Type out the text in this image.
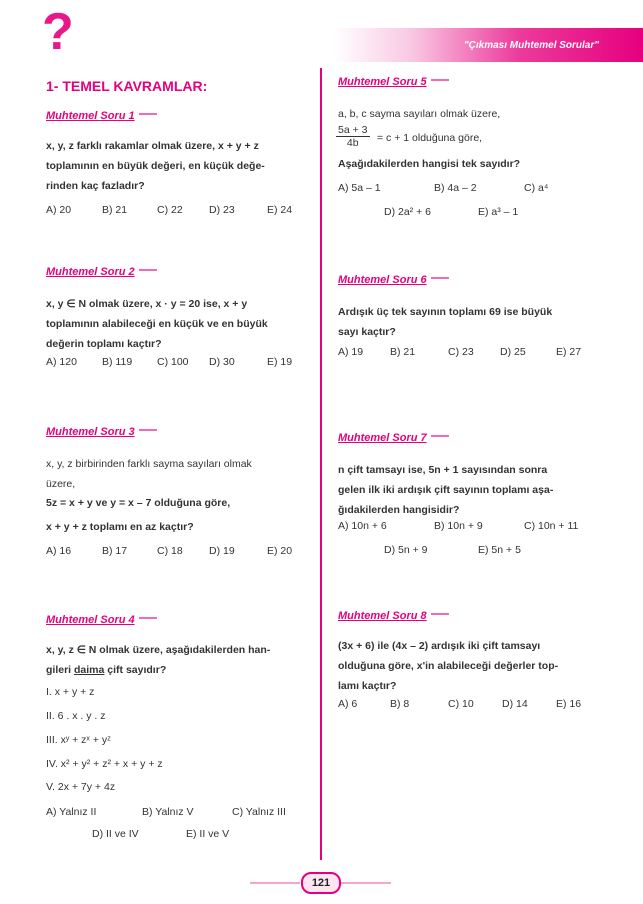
?	"Çıkması Muhtemel Sorular"
1- TEMEL KAVRAMLAR:
Muhtemel Soru 1
x, y, z farklı rakamlar olmak üzere, x + y + z
toplamının en büyük değeri, en küçük değe-
rinden kaç fazladır?
A) 20	B) 21	C) 22	D) 23	E) 24
Muhtemel Soru 2
x, y ∈ N olmak üzere, x · y = 20 ise, x + y
toplamının alabileceği en küçük ve en büyük
değerin toplamı kaçtır?
A) 120 B) 119 C) 100 D) 30	E) 19
Muhtemel Soru 3
x, y, z birbirinden farklı sayma sayıları olmak
üzere,
5z = x + y ve y = x – 7 olduğuna göre,
x + y + z toplamı en az kaçtır?
A) 16	B) 17	C) 18	D) 19	E) 20
Muhtemel Soru 4
x, y, z ∈ N olmak üzere, aşağıdakilerden han-
gileri daima çift sayıdır?
I. x + y + z
II. 6 . x . y . z
III. xʸ + zˣ + yᶻ
IV. x² + y² + z² + x + y + z
V. 2x + 7y + 4z
A) Yalnız II	B) Yalnız V	C) Yalnız III
D) II ve IV	E) II ve V
Muhtemel Soru 5
a, b, c sayma sayıları olmak üzere,
$\frac{5a + 3}{4b} = c + 1$ olduğuna göre,
Aşağıdakilerden hangisi tek sayıdır?
A) 5a – 1	B) 4a – 2	C) a⁴
D) 2a² + 6	E) a³ – 1
Muhtemel Soru 6
Ardışık üç tek sayının toplamı 69 ise büyük
sayı kaçtır?
A) 19	B) 21	C) 23	D) 25	E) 27
Muhtemel Soru 7
n çift tamsayı ise, 5n + 1 sayısından sonra
gelen ilk iki ardışık çift sayının toplamı aşa-
ğıdakilerden hangisidir?
A) 10n + 6	B) 10n + 9	C) 10n + 11
D) 5n + 9	E) 5n + 5
Muhtemel Soru 8
(3x + 6) ile (4x – 2) ardışık iki çift tamsayı
olduğuna göre, x'in alabileceği değerler top-
lamı kaçtır?
A) 6	B) 8	C) 10	D) 14	E) 16
121
